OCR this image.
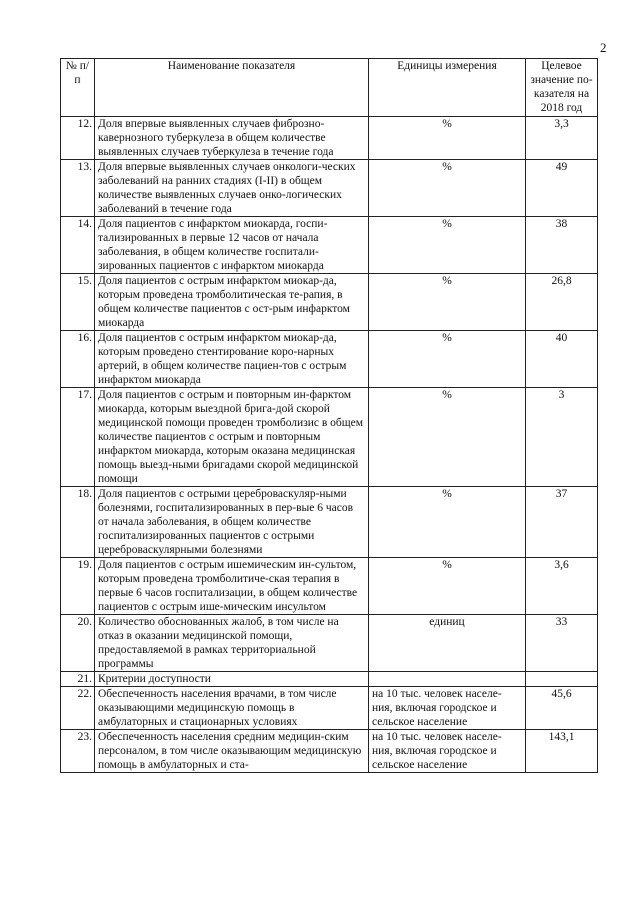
2
№ п/п	Наименование показателя	Единицы измерения	Целевое значение по-казателя на 2018 год
12.	Доля впервые выявленных случаев фиброзно-кавернозного туберкулеза в общем количестве выявленных случаев туберкулеза в течение года	%	3,3
13.	Доля впервые выявленных случаев онкологи-ческих заболеваний на ранних стадиях (I-II) в общем количестве выявленных случаев онко-логических заболеваний в течение года	%	49
14.	Доля пациентов с инфарктом миокарда, госпи-тализированных в первые 12 часов от начала заболевания, в общем количестве госпитали-зированных пациентов с инфарктом миокарда	%	38
15.	Доля пациентов с острым инфарктом миокар-да, которым проведена тромболитическая те-рапия, в общем количестве пациентов с ост-рым инфарктом миокарда	%	26,8
16.	Доля пациентов с острым инфарктом миокар-да, которым проведено стентирование коро-нарных артерий, в общем количестве пациен-тов с острым инфарктом миокарда	%	40
17.	Доля пациентов с острым и повторным ин-фарктом миокарда, которым выездной брига-дой скорой медицинской помощи проведен тромболизис в общем количестве пациентов с острым и повторным инфарктом миокарда, которым оказана медицинская помощь выезд-ными бригадами скорой медицинской помощи	%	3
18.	Доля пациентов с острыми цереброваскуляр-ными болезнями, госпитализированных в пер-вые 6 часов от начала заболевания, в общем количестве госпитализированных пациентов с острыми цереброваскулярными болезнями	%	37
19.	Доля пациентов с острым ишемическим ин-сультом, которым проведена тромболитиче-ская терапия в первые 6 часов госпитализации, в общем количестве пациентов с острым ише-мическим инсультом	%	3,6
20.	Количество обоснованных жалоб, в том числе на отказ в оказании медицинской помощи, предоставляемой в рамках территориальной программы	единиц	33
21.	Критерии доступности		
22.	Обеспеченность населения врачами, в том числе оказывающими медицинскую помощь в амбулаторных и стационарных условиях	на 10 тыс. человек населе-ния, включая городское и сельское население	45,6
23.	Обеспеченность населения средним медицин-ским персоналом, в том числе оказывающим медицинскую помощь в амбулаторных и ста-	на 10 тыс. человек населе-ния, включая городское и сельское население	143,1
